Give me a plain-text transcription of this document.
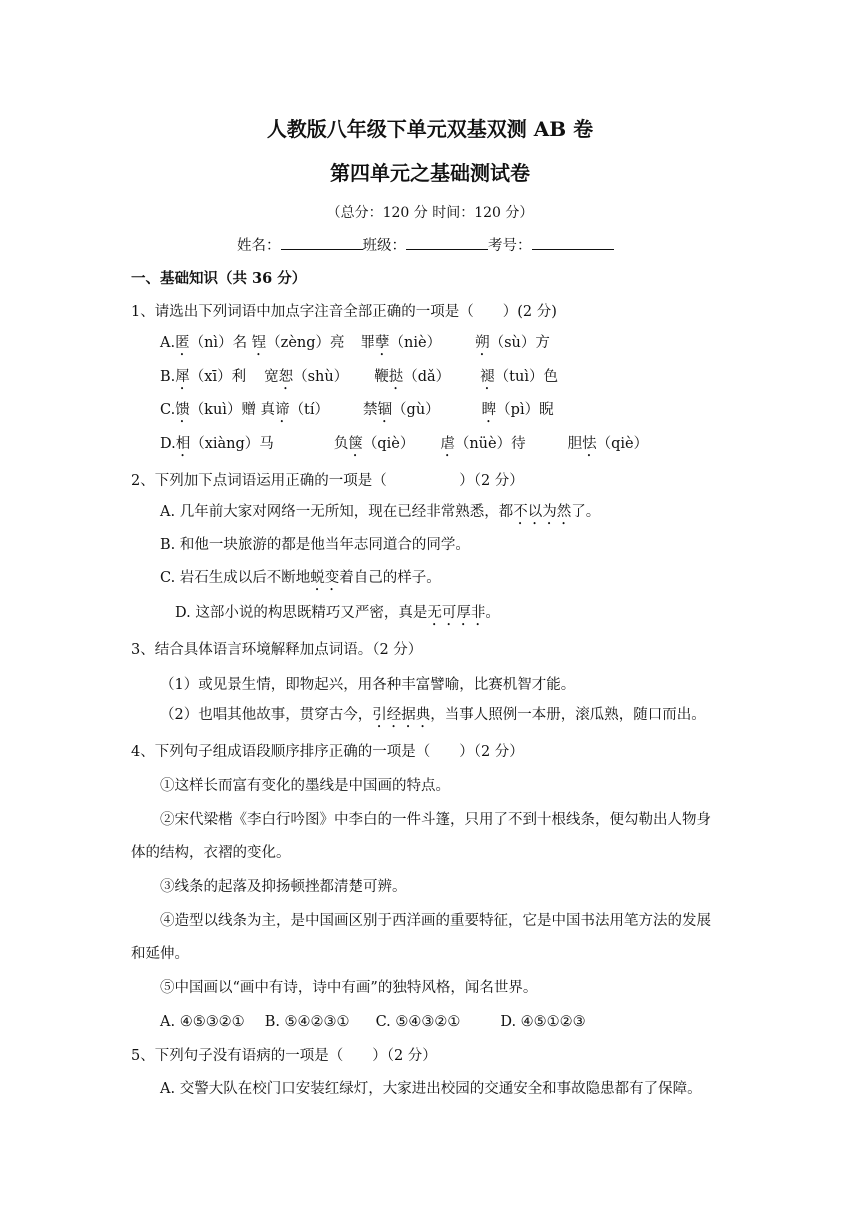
人教版八年级下单元双基双测 AB 卷
第四单元之基础测试卷
（总分：120 分 时间：120 分）
姓名：	班级：	考号：
一、基础知识（共 36 分）
1、请选出下列词语中加点字注音全部正确的一项是（　　）(2 分)
A.匿（nì）名 锃（zèng）亮 罪孽（niè） 朔（sù）方
B.犀（xī）利 宽恕（shù） 鞭挞（dǎ） 褪（tuì）色
C.馈（kuì）赠 真谛（tí） 禁锢（gù）	睥（pì）睨
D.相（xiàng）马	负箧（qiè） 虐（nüè）待	胆怯（qiè）
2、下列加下点词语运用正确的一项是（　　　　　）（2 分）
A. 几年前大家对网络一无所知，现在已经非常熟悉，都不以为然了。
B. 和他一块旅游的都是他当年志同道合的同学。
C. 岩石生成以后不断地蜕变着自己的样子。
D. 这部小说的构思既精巧又严密，真是无可厚非。
3、结合具体语言环境解释加点词语。（2 分）
（1）或见景生情，即物起兴，用各种丰富譬喻，比赛机智才能。
（2）也唱其他故事，贯穿古今，引经据典，当事人照例一本册，滚瓜熟，随口而出。
4、下列句子组成语段顺序排序正确的一项是（　　）（2 分）
①这样长而富有变化的墨线是中国画的特点。
②宋代梁楷《李白行吟图》中李白的一件斗篷，只用了不到十根线条，便勾勒出人物身
体的结构，衣褶的变化。
③线条的起落及抑扬顿挫都清楚可辨。
④造型以线条为主，是中国画区别于西洋画的重要特征，它是中国书法用笔方法的发展
和延伸。
⑤中国画以“画中有诗，诗中有画”的独特风格，闻名世界。
A. ④⑤③②① B. ⑤④②③① C. ⑤④③②①	D. ④⑤①②③
5、下列句子没有语病的一项是（　　）（2 分）
A. 交警大队在校门口安装红绿灯，大家进出校园的交通安全和事故隐患都有了保障。
